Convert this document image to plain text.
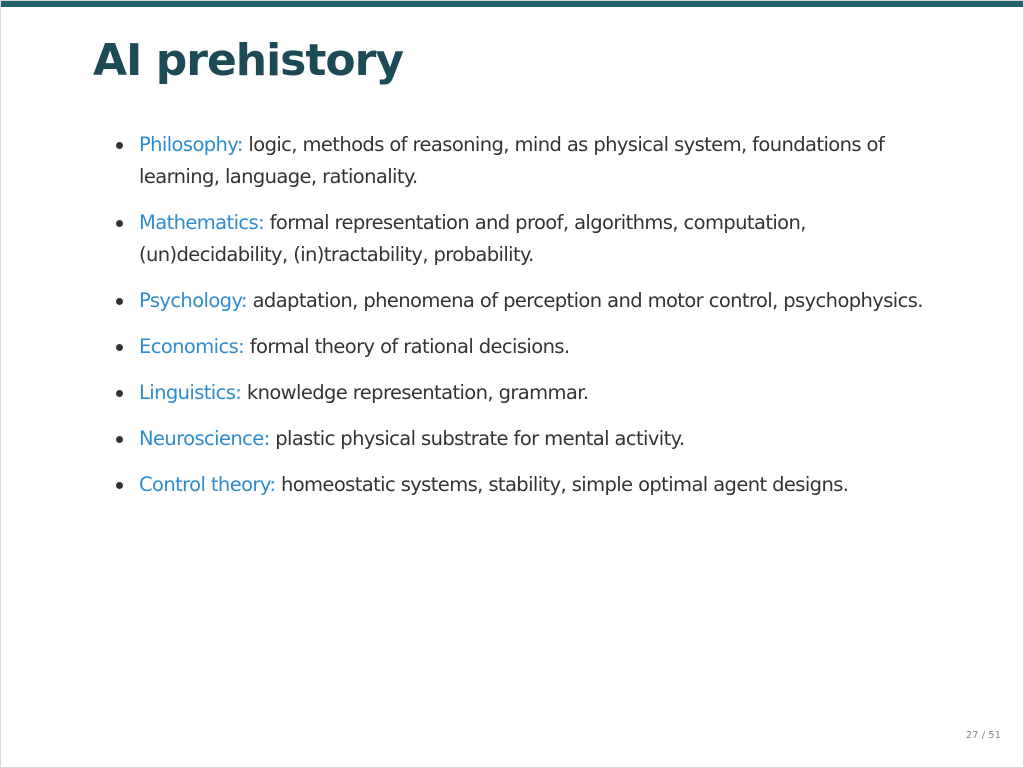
AI prehistory
Philosophy: logic, methods of reasoning, mind as physical system, foundations of learning, language, rationality.
Mathematics: formal representation and proof, algorithms, computation, (un)decidability, (in)tractability, probability.
Psychology: adaptation, phenomena of perception and motor control, psychophysics.
Economics: formal theory of rational decisions.
Linguistics: knowledge representation, grammar.
Neuroscience: plastic physical substrate for mental activity.
Control theory: homeostatic systems, stability, simple optimal agent designs.
27 / 51
